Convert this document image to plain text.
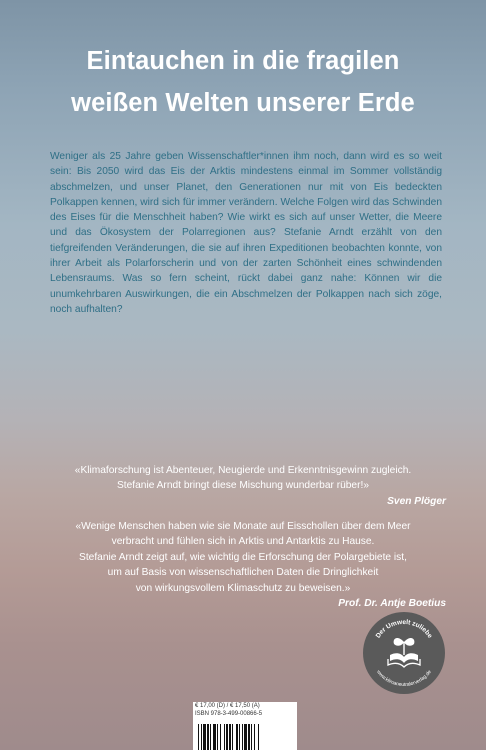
Eintauchen in die fragilen
weißen Welten unserer Erde

Weniger als 25 Jahre geben Wissenschaftler*innen ihm noch, dann wird es so weit sein: Bis 2050 wird das Eis der Arktis mindestens einmal im Sommer vollständig abschmelzen, und unser Planet, den Generationen nur mit von Eis bedeckten Polkappen kennen, wird sich für immer verändern. Welche Folgen wird das Schwinden des Eises für die Menschheit haben? Wie wirkt es sich auf unser Wetter, die Meere und das Ökosystem der Polarregionen aus? Stefanie Arndt erzählt von den tiefgreifenden Veränderungen, die sie auf ihren Expeditionen beobachten konnte, von ihrer Arbeit als Polarforscherin und von der zarten Schönheit eines schwindenden Lebensraums. Was so fern scheint, rückt dabei ganz nahe: Können wir die unumkehrbaren Auswirkungen, die ein Abschmelzen der Polkappen nach sich zöge, noch aufhalten?

«Klimaforschung ist Abenteuer, Neugierde und Erkenntnisgewinn zugleich.
Stefanie Arndt bringt diese Mischung wunderbar rüber!»
Sven Plöger
«Wenige Menschen haben wie sie Monate auf Eisschollen über dem Meer
verbracht und fühlen sich in Arktis und Antarktis zu Hause.
Stefanie Arndt zeigt auf, wie wichtig die Erforschung der Polargebiete ist,
um auf Basis von wissenschaftlichen Daten die Dringlichkeit
von wirkungsvollem Klimaschutz zu beweisen.»
Prof. Dr. Antje Boetius
Der Umwelt zuliebe
www.klimaneutralerverlag.de
€ 17,00 (D) / € 17,50 (A)
ISBN 978-3-499-00866-5
